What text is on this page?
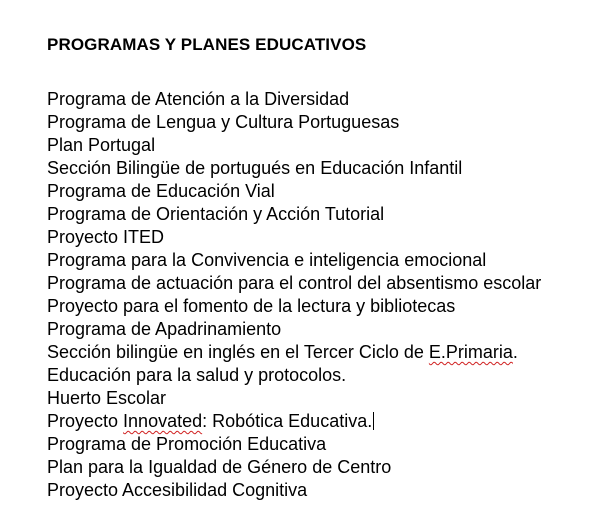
PROGRAMAS Y PLANES EDUCATIVOS
Programa de Atención a la Diversidad
Programa de Lengua y Cultura Portuguesas
Plan Portugal
Sección Bilingüe de portugués en Educación Infantil
Programa de Educación Vial
Programa de Orientación y Acción Tutorial
Proyecto ITED
Programa para la Convivencia e inteligencia emocional
Programa de actuación para el control del absentismo escolar
Proyecto para el fomento de la lectura y bibliotecas
Programa de Apadrinamiento
Sección bilingüe en inglés en el Tercer Ciclo de E.Primaria.
Educación para la salud y protocolos.
Huerto Escolar
Proyecto Innovated: Robótica Educativa.
Programa de Promoción Educativa
Plan para la Igualdad de Género de Centro
Proyecto Accesibilidad Cognitiva
